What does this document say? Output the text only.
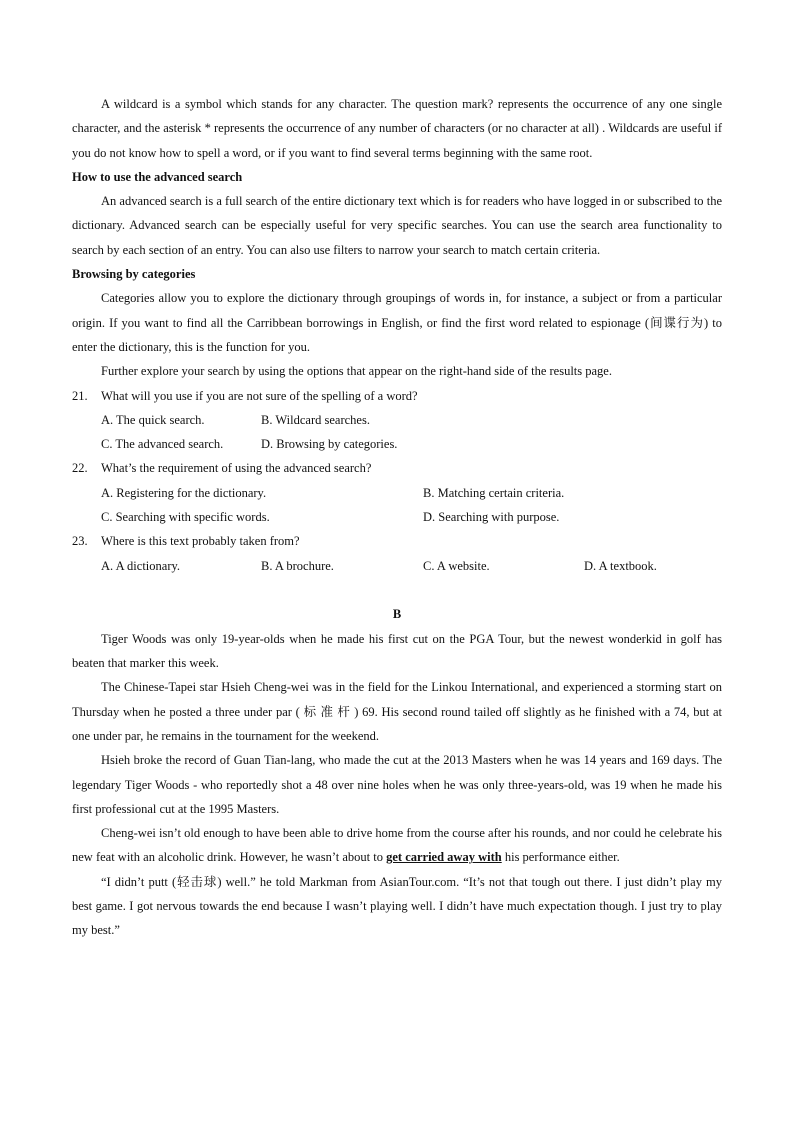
A wildcard is a symbol which stands for any character. The question mark? represents the occurrence of any one single character, and the asterisk * represents the occurrence of any number of characters (or no character at all) . Wildcards are useful if you do not know how to spell a word, or if you want to find several terms beginning with the same root.

How to use the advanced search

An advanced search is a full search of the entire dictionary text which is for readers who have logged in or subscribed to the dictionary. Advanced search can be especially useful for very specific searches. You can use the search area functionality to search by each section of an entry. You can also use filters to narrow your search to match certain criteria.

Browsing by categories

Categories allow you to explore the dictionary through groupings of words in, for instance, a subject or from a particular origin. If you want to find all the Carribbean borrowings in English, or find the first word related to espionage (间谍行为) to enter the dictionary, this is the function for you.

Further explore your search by using the options that appear on the right-hand side of the results page.

21. What will you use if you are not sure of the spelling of a word?
A. The quick search.	B. Wildcard searches.
C. The advanced search.	D. Browsing by categories.
22. What’s the requirement of using the advanced search?
A. Registering for the dictionary.	B. Matching certain criteria.
C. Searching with specific words.	D. Searching with purpose.
23. Where is this text probably taken from?
A. A dictionary.	B. A brochure.	C. A website.	D. A textbook.

B

Tiger Woods was only 19-year-olds when he made his first cut on the PGA Tour, but the newest wonderkid in golf has beaten that marker this week.

The Chinese-Tapei star Hsieh Cheng-wei was in the field for the Linkou International, and experienced a storming start on Thursday when he posted a three under par ( 标 准 杆 ) 69. His second round tailed off slightly as he finished with a 74, but at one under par, he remains in the tournament for the weekend.

Hsieh broke the record of Guan Tian-lang, who made the cut at the 2013 Masters when he was 14 years and 169 days. The legendary Tiger Woods - who reportedly shot a 48 over nine holes when he was only three-years-old, was 19 when he made his first professional cut at the 1995 Masters.

Cheng-wei isn’t old enough to have been able to drive home from the course after his rounds, and nor could he celebrate his new feat with an alcoholic drink. However, he wasn’t about to get carried away with his performance either.

“I didn’t putt (轻击球) well.” he told Markman from AsianTour.com. “It’s not that tough out there. I just didn’t play my best game. I got nervous towards the end because I wasn’t playing well. I didn’t have much expectation though. I just try to play my best.”
